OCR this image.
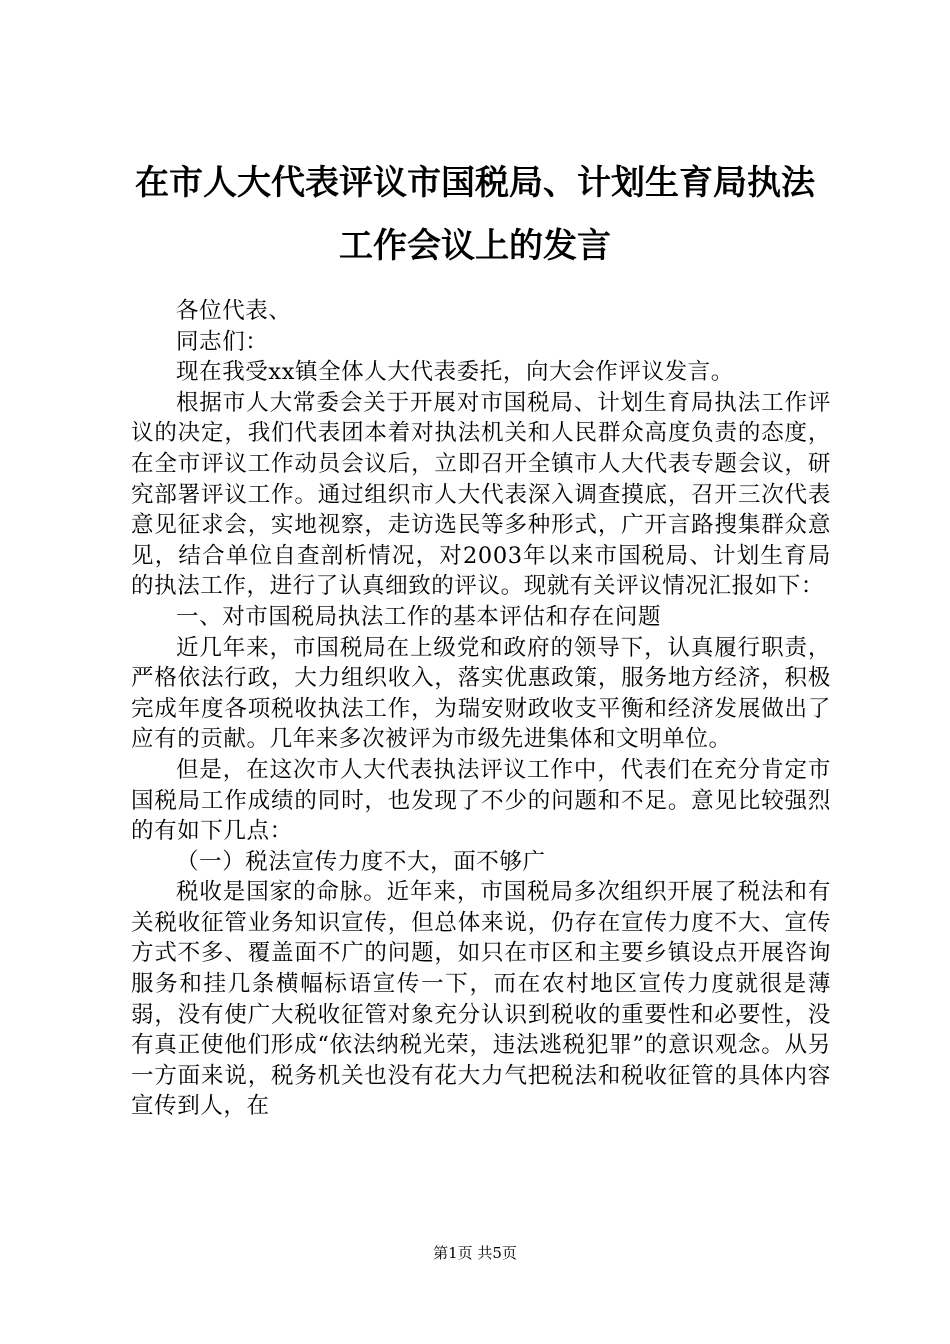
在市人大代表评议市国税局、计划生育局执法
工作会议上的发言

各位代表、

同志们：

现在我受xx镇全体人大代表委托，向大会作评议发言。

根据市人大常委会关于开展对市国税局、计划生育局执法工作评议的决定，我们代表团本着对执法机关和人民群众高度负责的态度，在全市评议工作动员会议后，立即召开全镇市人大代表专题会议，研究部署评议工作。通过组织市人大代表深入调查摸底，召开三次代表意见征求会，实地视察，走访选民等多种形式，广开言路搜集群众意见，结合单位自查剖析情况，对2003年以来市国税局、计划生育局的执法工作，进行了认真细致的评议。现就有关评议情况汇报如下：

一、对市国税局执法工作的基本评估和存在问题

近几年来，市国税局在上级党和政府的领导下，认真履行职责，严格依法行政，大力组织收入，落实优惠政策，服务地方经济，积极完成年度各项税收执法工作，为瑞安财政收支平衡和经济发展做出了应有的贡献。几年来多次被评为市级先进集体和文明单位。

但是，在这次市人大代表执法评议工作中，代表们在充分肯定市国税局工作成绩的同时，也发现了不少的问题和不足。意见比较强烈的有如下几点：

（一）税法宣传力度不大，面不够广

税收是国家的命脉。近年来，市国税局多次组织开展了税法和有关税收征管业务知识宣传，但总体来说，仍存在宣传力度不大、宣传方式不多、覆盖面不广的问题，如只在市区和主要乡镇设点开展咨询服务和挂几条横幅标语宣传一下，而在农村地区宣传力度就很是薄弱，没有使广大税收征管对象充分认识到税收的重要性和必要性，没有真正使他们形成“依法纳税光荣，违法逃税犯罪”的意识观念。从另一方面来说，税务机关也没有花大力气把税法和税收征管的具体内容宣传到人，在

第1页 共5页
